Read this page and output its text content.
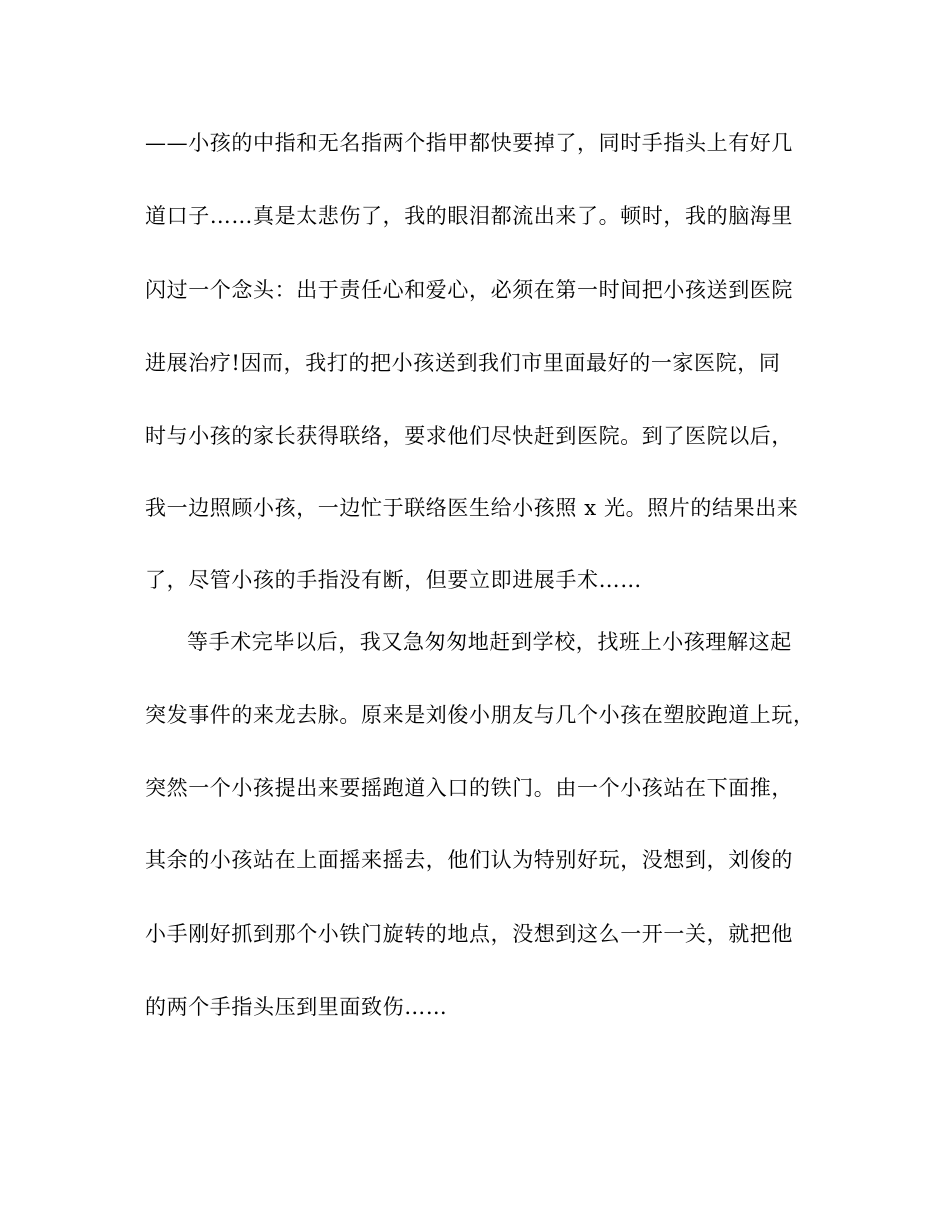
——小孩的中指和无名指两个指甲都快要掉了，同时手指头上有好几
道口子……真是太悲伤了，我的眼泪都流出来了。顿时，我的脑海里
闪过一个念头：出于责任心和爱心，必须在第一时间把小孩送到医院
进展治疗!因而，我打的把小孩送到我们市里面最好的一家医院，同
时与小孩的家长获得联络，要求他们尽快赶到医院。到了医院以后，
我一边照顾小孩，一边忙于联络医生给小孩照 x 光。照片的结果出来
了，尽管小孩的手指没有断，但要立即进展手术……
等手术完毕以后，我又急匆匆地赶到学校，找班上小孩理解这起
突发事件的来龙去脉。原来是刘俊小朋友与几个小孩在塑胶跑道上玩，
突然一个小孩提出来要摇跑道入口的铁门。由一个小孩站在下面推，
其余的小孩站在上面摇来摇去，他们认为特别好玩，没想到，刘俊的
小手刚好抓到那个小铁门旋转的地点，没想到这么一开一关，就把他
的两个手指头压到里面致伤……
